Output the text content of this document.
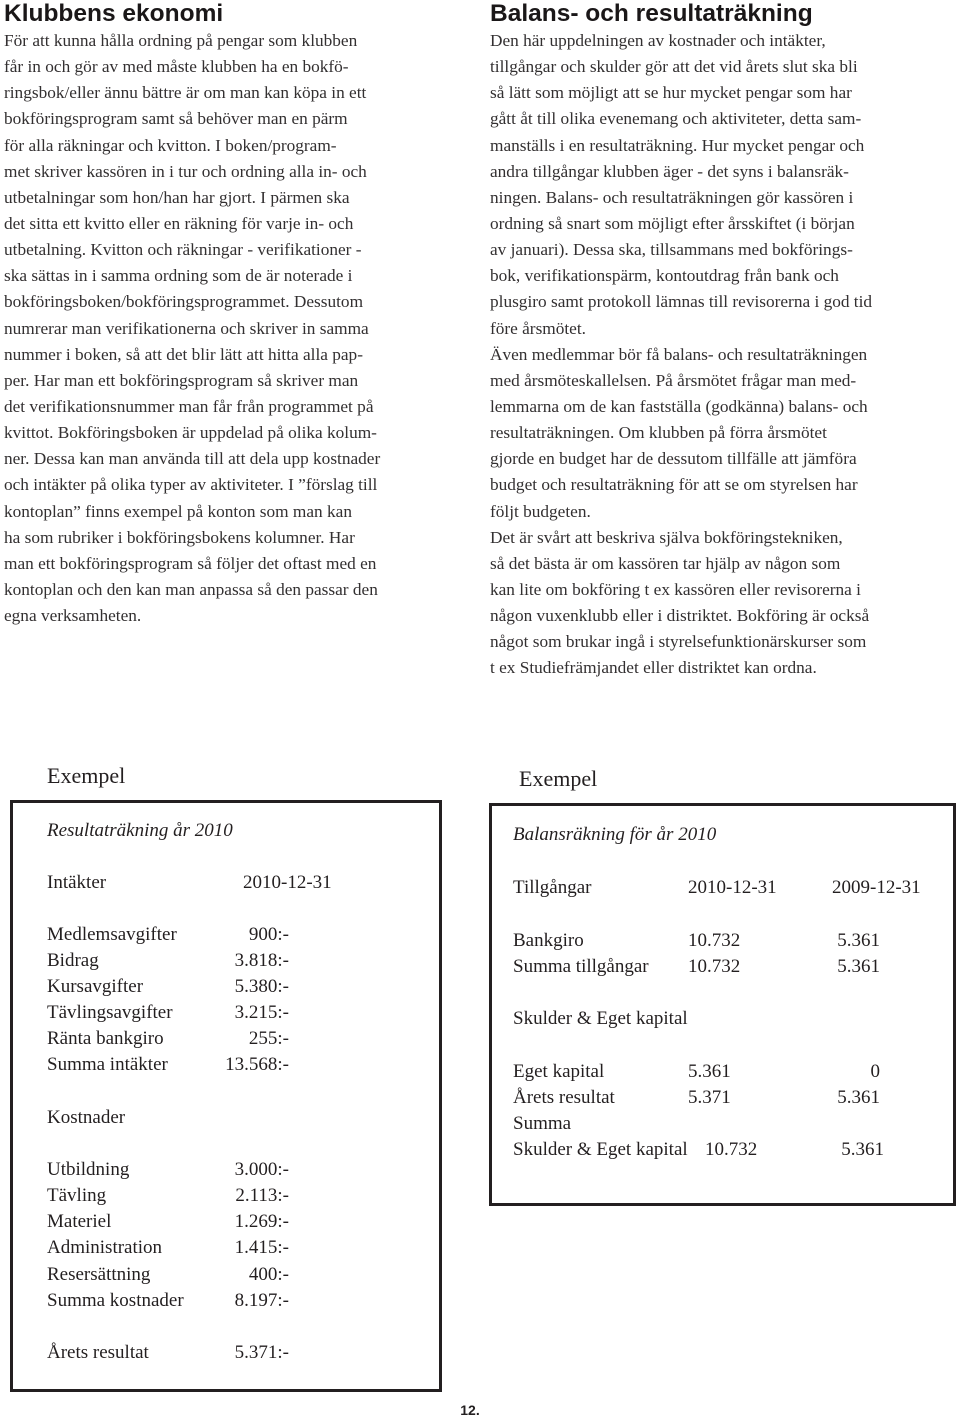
Klubbens ekonomi
För att kunna hålla ordning på pengar som klubben
får in och gör av med måste klubben ha en bokfö-
ringsbok/eller ännu bättre är om man kan köpa in ett
bokföringsprogram samt så behöver man en pärm
för alla räkningar och kvitton. I boken/program-
met skriver kassören in i tur och ordning alla in- och
utbetalningar som hon/han har gjort. I pärmen ska
det sitta ett kvitto eller en räkning för varje in- och
utbetalning. Kvitton och räkningar - verifikationer -
ska sättas in i samma ordning som de är noterade i
bokföringsboken/bokföringsprogrammet. Dessutom
numrerar man verifikationerna och skriver in samma
nummer i boken, så att det blir lätt att hitta alla pap-
per. Har man ett bokföringsprogram så skriver man
det verifikationsnummer man får från programmet på
kvittot. Bokföringsboken är uppdelad på olika kolum-
ner. Dessa kan man använda till att dela upp kostnader
och intäkter på olika typer av aktiviteter. I ”förslag till
kontoplan” finns exempel på konton som man kan
ha som rubriker i bokföringsbokens kolumner. Har
man ett bokföringsprogram så följer det oftast med en
kontoplan och den kan man anpassa så den passar den
egna verksamheten.
Balans- och resultaträkning
Den här uppdelningen av kostnader och intäkter,
tillgångar och skulder gör att det vid årets slut ska bli
så lätt som möjligt att se hur mycket pengar som har
gått åt till olika evenemang och aktiviteter, detta sam-
manställs i en resultaträkning. Hur mycket pengar och
andra tillgångar klubben äger - det syns i balansräk-
ningen. Balans- och resultaträkningen gör kassören i
ordning så snart som möjligt efter årsskiftet (i början
av januari). Dessa ska, tillsammans med bokförings-
bok, verifikationspärm, kontoutdrag från bank och
plusgiro samt protokoll lämnas till revisorerna i god tid
före årsmötet.
Även medlemmar bör få balans- och resultaträkningen
med årsmöteskallelsen. På årsmötet frågar man med-
lemmarna om de kan fastställa (godkänna) balans- och
resultaträkningen. Om klubben på förra årsmötet
gjorde en budget har de dessutom tillfälle att jämföra
budget och resultaträkning för att se om styrelsen har
följt budgeten.
Det är svårt att beskriva själva bokföringstekniken,
så det bästa är om kassören tar hjälp av någon som
kan lite om bokföring t ex kassören eller revisorerna i
någon vuxenklubb eller i distriktet. Bokföring är också
något som brukar ingå i styrelsefunktionärskurser som
t ex Studiefrämjandet eller distriktet kan ordna.
Exempel
Resultaträkning år 2010
Intäkter	2010-12-31
Medlemsavgifter	900:-
Bidrag	3.818:-
Kursavgifter	5.380:-
Tävlingsavgifter	3.215:-
Ränta bankgiro	255:-
Summa intäkter	13.568:-
Kostnader
Utbildning	3.000:-
Tävling	2.113:-
Materiel	1.269:-
Administration	1.415:-
Resersättning	400:-
Summa kostnader	8.197:-
Årets resultat	5.371:-
Exempel
Balansräkning för år 2010
Tillgångar	2010-12-31	2009-12-31
Bankgiro	10.732	5.361
Summa tillgångar 10.732	5.361
Skulder & Eget kapital
Eget kapital	5.361	0
Årets resultat	5.371	5.361
Summa
Skulder & Eget kapital 10.732	5.361
12.
